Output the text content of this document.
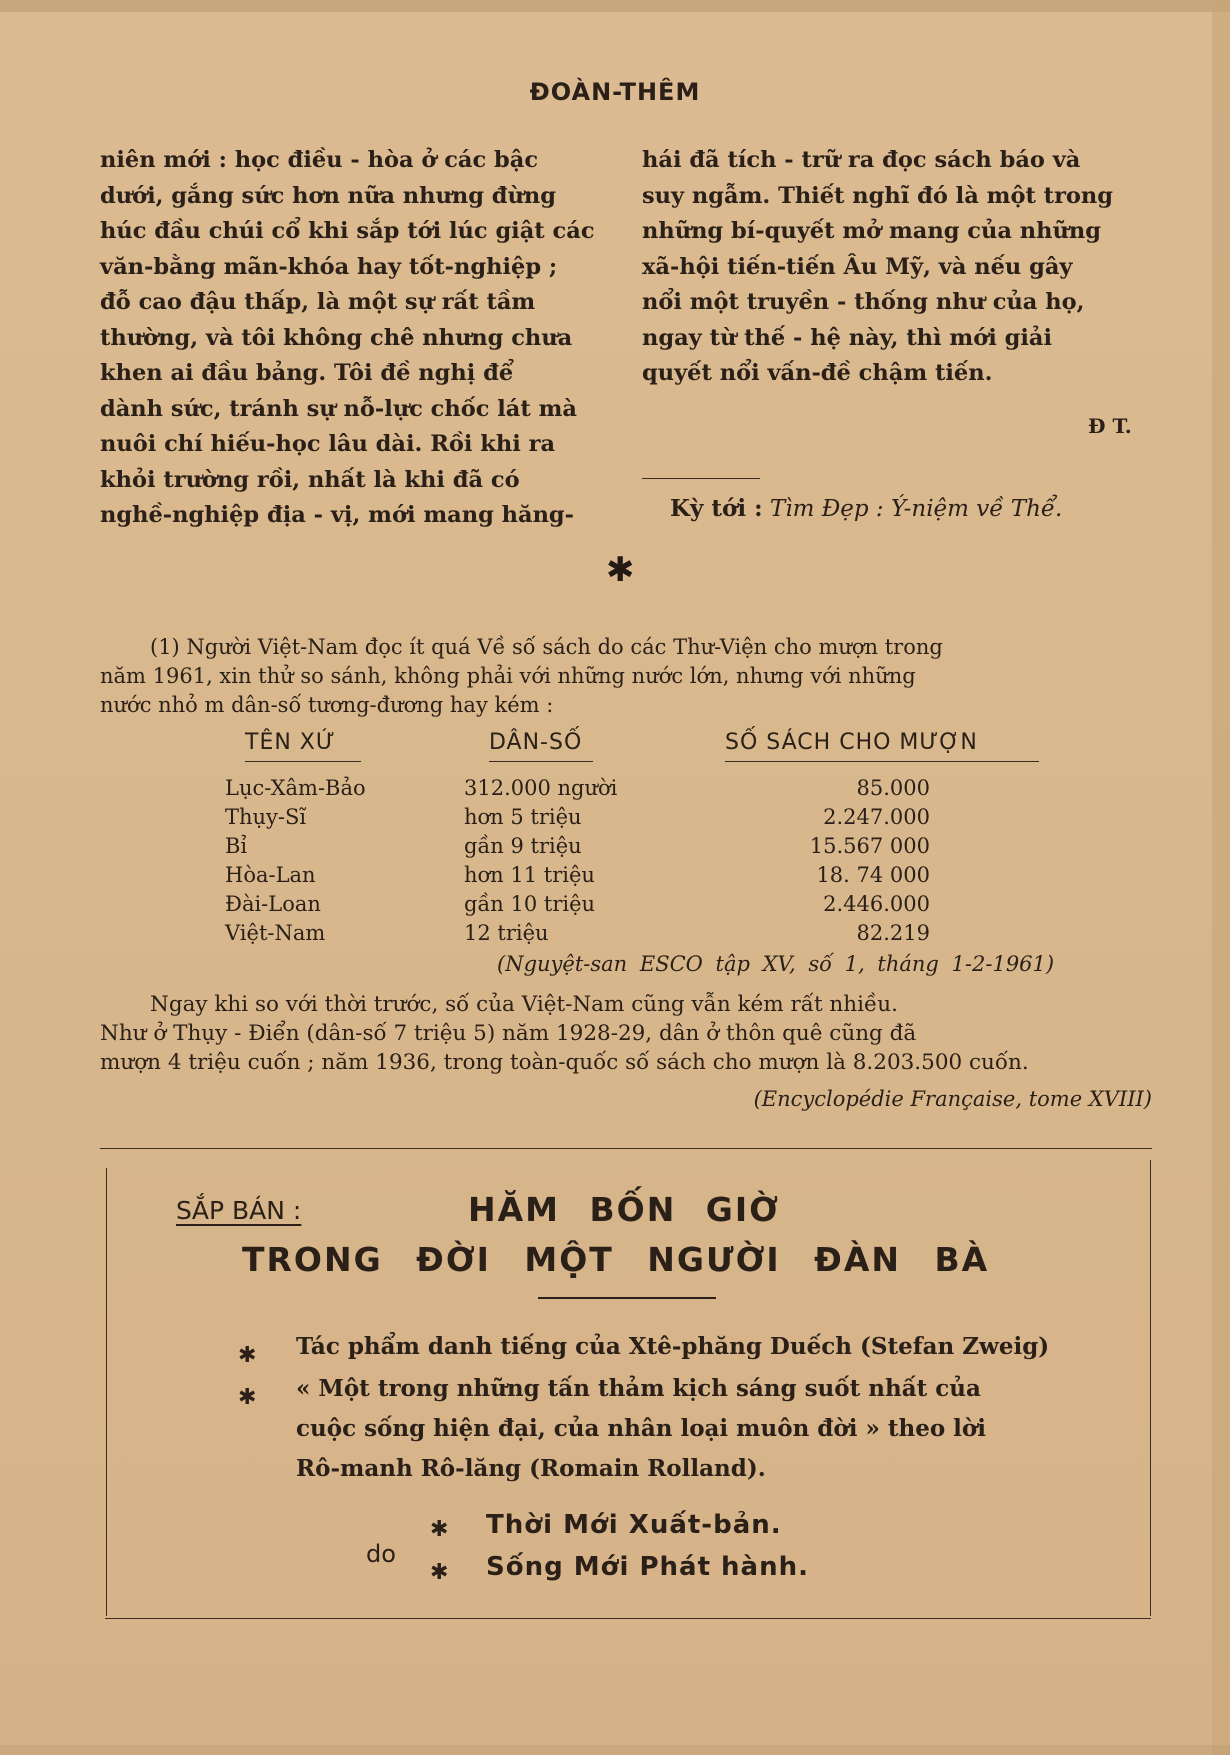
ĐOÀN-THÊM

niên mới : học điều - hòa ở các bậc

dưới, gắng sức hơn nữa nhưng đừng

húc đầu chúi cổ khi sắp tới lúc giật các

văn-bằng mãn-khóa hay tốt-nghiệp ;

đỗ cao đậu thấp, là một sự rất tầm

thường, và tôi không chê nhưng chưa

khen ai đầu bảng. Tôi đề nghị để

dành sức, tránh sự nỗ-lực chốc lát mà

nuôi chí hiếu-học lâu dài. Rồi khi ra

khỏi trường rồi, nhất là khi đã có

nghề-nghiệp địa - vị, mới mang hăng-

hái đã tích - trữ ra đọc sách báo và

suy ngẫm. Thiết nghĩ đó là một trong

những bí-quyết mở mang của những

xã-hội tiến-tiến Âu Mỹ, và nếu gây

nổi một truyền - thống như của họ,

ngay từ thế - hệ này, thì mới giải

quyết nổi vấn-đề chậm tiến.

Đ T.
Kỳ tới : Tìm Đẹp : Ý-niệm về Thể.
✱
(1) Người Việt-Nam đọc ít quá Về số sách do các Thư-Viện cho mượn trong
năm 1961, xin thử so sánh, không phải với những nước lớn, nhưng với những
nước nhỏ m dân-số tương-đương hay kém :
TÊN XỨ	DÂN-SỐ	SỐ SÁCH CHO MƯỢN
Lục-Xâm-Bảo	312.000 người	85.000
Thụy-Sĩ	hơn 5 triệu	2.247.000
Bỉ	gần 9 triệu	15.567 000
Hòa-Lan	hơn 11 triệu	18. 74 000
Đài-Loan	gần 10 triệu	2.446.000
Việt-Nam	12 triệu	82.219
(Nguyệt-san ESCO tập XV, số 1, tháng 1-2-1961)
Ngay khi so với thời trước, số của Việt-Nam cũng vẫn kém rất nhiều.
Như ở Thụy - Điển (dân-số 7 triệu 5) năm 1928-29, dân ở thôn quê cũng đã
mượn 4 triệu cuốn ; năm 1936, trong toàn-quốc số sách cho mượn là 8.203.500 cuốn.
(Encyclopédie Française, tome XVIII)
SẮP BÁN :	HĂM BỐN GIỜ
TRONG ĐỜI MỘT NGƯỜI ĐÀN BÀ
✱ Tác phẩm danh tiếng của Xtê-phăng Duếch (Stefan Zweig)
✱ « Một trong những tấn thảm kịch sáng suốt nhất của
cuộc sống hiện đại, của nhân loại muôn đời » theo lời
Rô-manh Rô-lăng (Romain Rolland).
do
✱ Thời Mới Xuất-bản.
✱ Sống Mới Phát hành.
